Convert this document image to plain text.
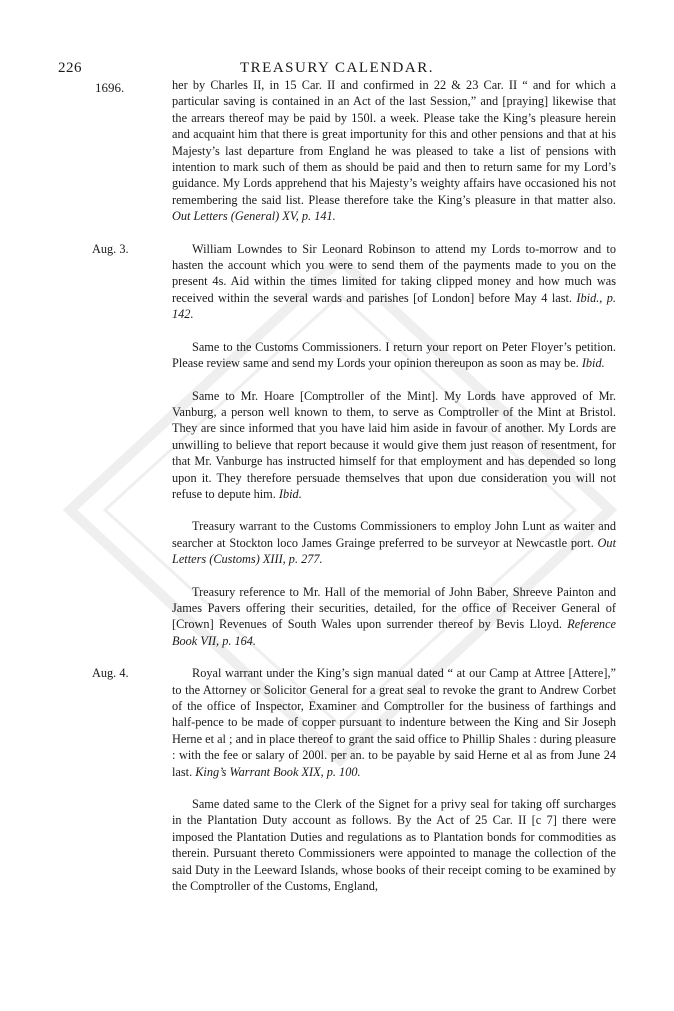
226	TREASURY CALENDAR.
1696.	her by Charles II, in 15 Car. II and confirmed in 22 & 23 Car. II “ and for which a particular saving is contained in an Act of the last Session,” and [praying] likewise that the arrears thereof may be paid by 150l. a week. Please take the King’s pleasure herein and acquaint him that there is great importunity for this and other pensions and that at his Majesty’s last departure from England he was pleased to take a list of pensions with intention to mark such of them as should be paid and then to return same for my Lord’s guidance. My Lords apprehend that his Majesty’s weighty affairs have occasioned his not remembering the said list. Please therefore take the King’s pleasure in that matter also. Out Letters (General) XV, p. 141.
Aug. 3.	William Lowndes to Sir Leonard Robinson to attend my Lords to-morrow and to hasten the account which you were to send them of the payments made to you on the present 4s. Aid within the times limited for taking clipped money and how much was received within the several wards and parishes [of London] before May 4 last. Ibid., p. 142.
Same to the Customs Commissioners. I return your report on Peter Floyer’s petition. Please review same and send my Lords your opinion thereupon as soon as may be. Ibid.
Same to Mr. Hoare [Comptroller of the Mint]. My Lords have approved of Mr. Vanburg, a person well known to them, to serve as Comptroller of the Mint at Bristol. They are since informed that you have laid him aside in favour of another. My Lords are unwilling to believe that report because it would give them just reason of resentment, for that Mr. Vanburge has instructed himself for that employment and has depended so long upon it. They therefore persuade themselves that upon due consideration you will not refuse to depute him. Ibid.
Treasury warrant to the Customs Commissioners to employ John Lunt as waiter and searcher at Stockton loco James Grainge preferred to be surveyor at Newcastle port. Out Letters (Customs) XIII, p. 277.
Treasury reference to Mr. Hall of the memorial of John Baber, Shreeve Painton and James Pavers offering their securities, detailed, for the office of Receiver General of [Crown] Revenues of South Wales upon surrender thereof by Bevis Lloyd. Reference Book VII, p. 164.
Aug. 4.	Royal warrant under the King’s sign manual dated “ at our Camp at Attree [Attere],” to the Attorney or Solicitor General for a great seal to revoke the grant to Andrew Corbet of the office of Inspector, Examiner and Comptroller for the business of farthings and half-pence to be made of copper pursuant to indenture between the King and Sir Joseph Herne et al ; and in place thereof to grant the said office to Phillip Shales : during pleasure : with the fee or salary of 200l. per an. to be payable by said Herne et al as from June 24 last. King’s Warrant Book XIX, p. 100.
Same dated same to the Clerk of the Signet for a privy seal for taking off surcharges in the Plantation Duty account as follows. By the Act of 25 Car. II [c 7] there were imposed the Plantation Duties and regulations as to Plantation bonds for commodities as therein. Pursuant thereto Commissioners were appointed to manage the collection of the said Duty in the Leeward Islands, whose books of their receipt coming to be examined by the Comptroller of the Customs, England,
